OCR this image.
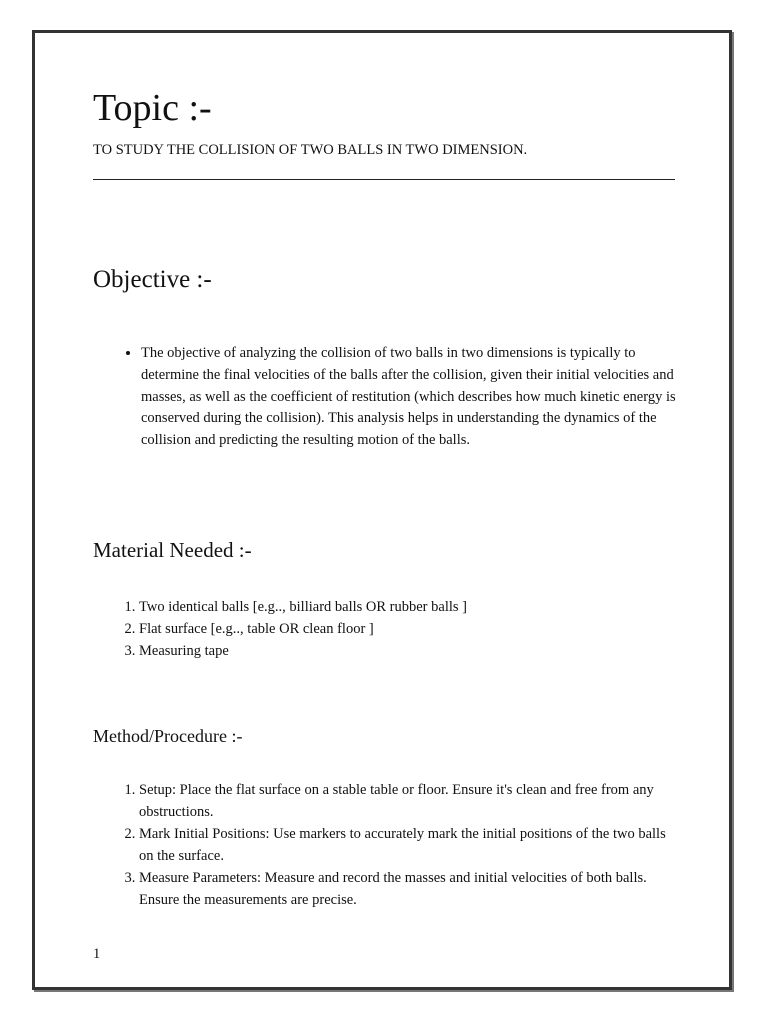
Topic :-

TO STUDY THE COLLISION OF TWO BALLS IN TWO DIMENSION.

Objective :-
• The objective of analyzing the collision of two balls in two dimensions is typically to determine the final velocities of the balls after the collision, given their initial velocities and masses, as well as the coefficient of restitution (which describes how much kinetic energy is conserved during the collision). This analysis helps in understanding the dynamics of the collision and predicting the resulting motion of the balls.
Material Needed :-
1. Two identical balls [e.g.., billiard balls OR rubber balls ]
2. Flat surface [e.g.., table OR clean floor ]
3. Measuring tape
Method/Procedure :-
1. Setup: Place the flat surface on a stable table or floor. Ensure it's clean and free from any obstructions.
2. Mark Initial Positions: Use markers to accurately mark the initial positions of the two balls on the surface.
3. Measure Parameters: Measure and record the masses and initial velocities of both balls. Ensure the measurements are precise.

1
